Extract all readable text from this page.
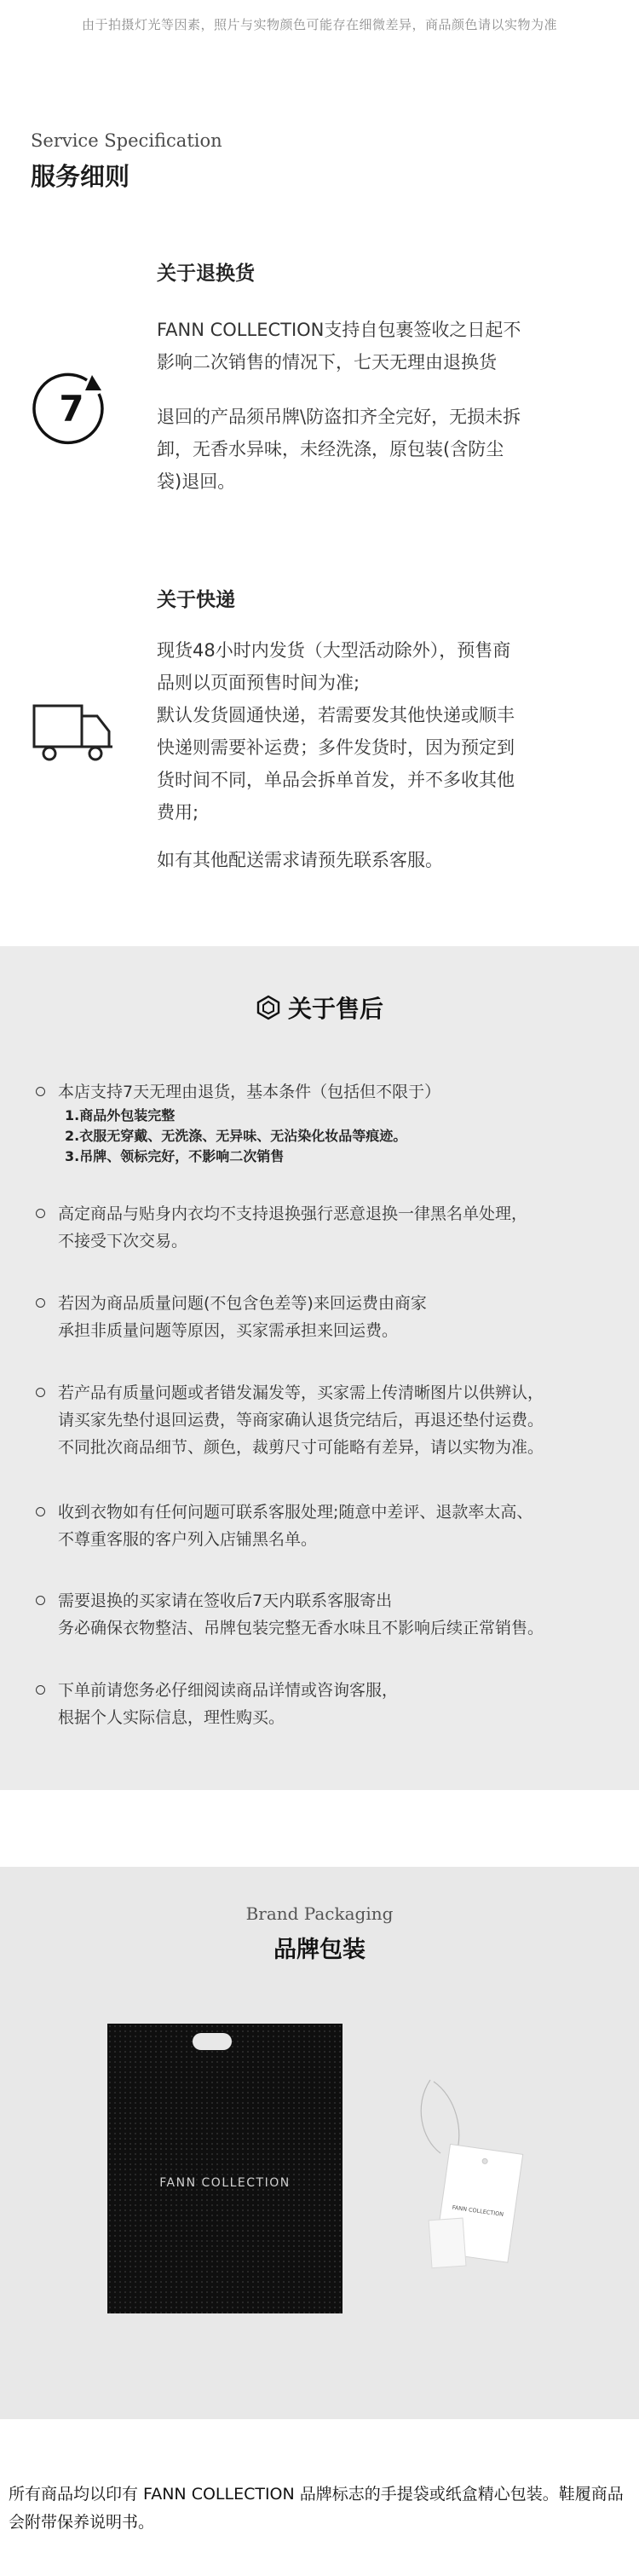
由于拍摄灯光等因素，照片与实物颜色可能存在细微差异，商品颜色请以实物为准
Service Specification
服务细则
7
关于退换货
FANN COLLECTION支持自包裹签收之日起不
影响二次销售的情况下，七天无理由退换货
退回的产品须吊牌\防盗扣齐全完好，无损未拆
卸，无香水异味，未经洗涤，原包装(含防尘
袋)退回。
关于快递
现货48小时内发货（大型活动除外），预售商
品则以页面预售时间为准;
默认发货圆通快递，若需要发其他快递或顺丰
快递则需要补运费；多件发货时，因为预定到
货时间不同，单品会拆单首发，并不多收其他
费用;
如有其他配送需求请预先联系客服。
关于售后
本店支持7天无理由退货，基本条件（包括但不限于）
1.商品外包装完整
2.衣服无穿戴、无洗涤、无异味、无沾染化妆品等痕迹。
3.吊牌、领标完好，不影响二次销售
高定商品与贴身内衣均不支持退换强行恶意退换一律黑名单处理，
不接受下次交易。
若因为商品质量问题(不包含色差等)来回运费由商家
承担非质量问题等原因，买家需承担来回运费。
若产品有质量问题或者错发漏发等，买家需上传清晰图片以供辨认，
请买家先垫付退回运费，等商家确认退货完结后，再退还垫付运费。
不同批次商品细节、颜色，裁剪尺寸可能略有差异，请以实物为准。
收到衣物如有任何问题可联系客服处理;随意中差评、退款率太高、
不尊重客服的客户列入店铺黑名单。
需要退换的买家请在签收后7天内联系客服寄出
务必确保衣物整洁、吊牌包装完整无香水味且不影响后续正常销售。
下单前请您务必仔细阅读商品详情或咨询客服，
根据个人实际信息，理性购买。
Brand Packaging
品牌包装
FANN COLLECTION
FANN COLLECTION
所有商品均以印有 FANN COLLECTION 品牌标志的手提袋或纸盒精心包装。鞋履商品会附带保养说明书。
